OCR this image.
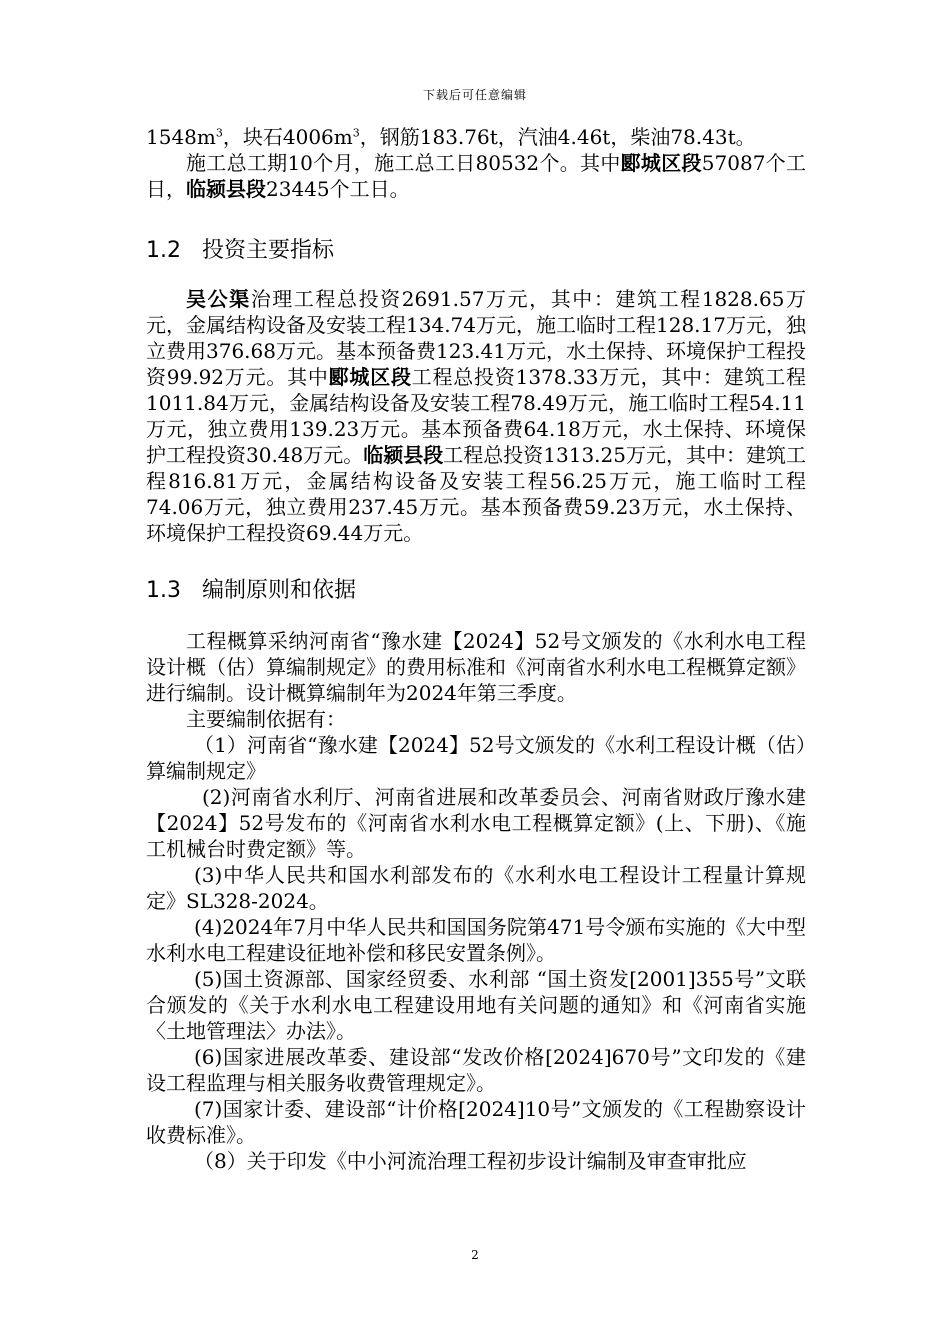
下载后可任意编辑

$1548m^3$，块石$4006m^3$，钢筋183.76t，汽油4.46t，柴油78.43t。

施工总工期10个月，施工总工日80532个。其中郾城区段57087个工日，临颍县段23445个工日。

1.2 投资主要指标

吴公渠治理工程总投资2691.57万元，其中：建筑工程1828.65万元，金属结构设备及安装工程134.74万元，施工临时工程128.17万元，独立费用376.68万元。基本预备费123.41万元，水土保持、环境保护工程投资99.92万元。其中郾城区段工程总投资1378.33万元，其中：建筑工程1011.84万元，金属结构设备及安装工程78.49万元，施工临时工程54.11万元，独立费用139.23万元。基本预备费64.18万元，水土保持、环境保护工程投资30.48万元。临颍县段工程总投资1313.25万元，其中：建筑工程816.81万元，金属结构设备及安装工程56.25万元，施工临时工程74.06万元，独立费用237.45万元。基本预备费59.23万元，水土保持、环境保护工程投资69.44万元。

1.3 编制原则和依据

工程概算采纳河南省“豫水建【2024】52号文颁发的《水利水电工程设计概（估）算编制规定》的费用标准和《河南省水利水电工程概算定额》进行编制。设计概算编制年为2024年第三季度。

主要编制依据有：

（1）河南省“豫水建【2024】52号文颁发的《水利工程设计概（估）算编制规定》

(2)河南省水利厅、河南省进展和改革委员会、河南省财政厅豫水建【2024】52号发布的《河南省水利水电工程概算定额》(上、下册)、《施工机械台时费定额》等。

(3)中华人民共和国水利部发布的《水利水电工程设计工程量计算规定》SL328-2024。

(4)2024年7月中华人民共和国国务院第471号令颁布实施的《大中型水利水电工程建设征地补偿和移民安置条例》。

(5)国土资源部、国家经贸委、水利部 “国土资发[2001]355号”文联合颁发的《关于水利水电工程建设用地有关问题的通知》和《河南省实施〈土地管理法〉办法》。

(6)国家进展改革委、建设部“发改价格[2024]670号”文印发的《建设工程监理与相关服务收费管理规定》。

(7)国家计委、建设部“计价格[2024]10号”文颁发的《工程勘察设计收费标准》。

（8）关于印发《中小河流治理工程初步设计编制及审查审批应

2
